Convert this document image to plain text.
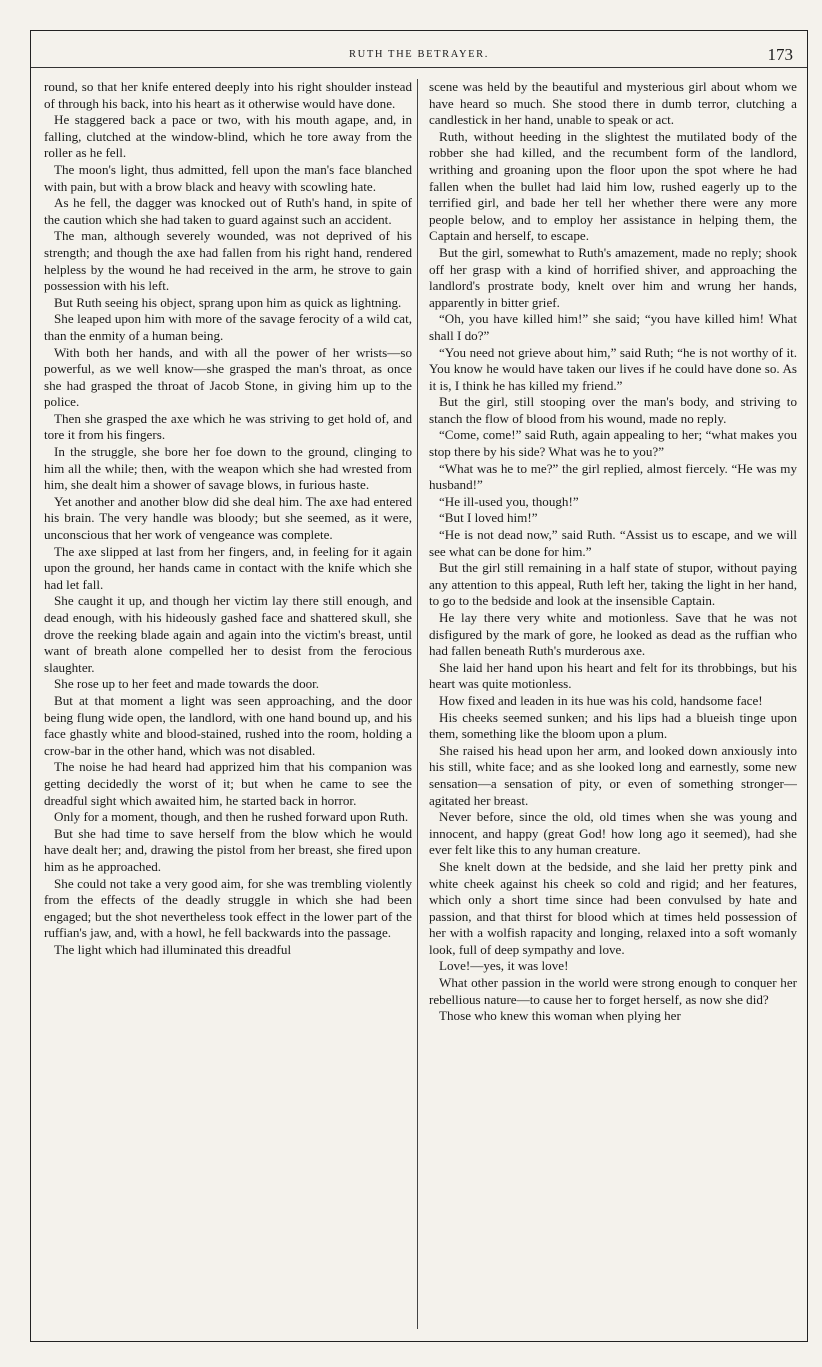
RUTH THE BETRAYER.	173

round, so that her knife entered deeply into his right shoulder instead of through his back, into his heart as it otherwise would have done.

He staggered back a pace or two, with his mouth agape, and, in falling, clutched at the window-blind, which he tore away from the roller as he fell.

The moon's light, thus admitted, fell upon the man's face blanched with pain, but with a brow black and heavy with scowling hate.

As he fell, the dagger was knocked out of Ruth's hand, in spite of the caution which she had taken to guard against such an accident.

The man, although severely wounded, was not deprived of his strength; and though the axe had fallen from his right hand, rendered helpless by the wound he had received in the arm, he strove to gain possession with his left.

But Ruth seeing his object, sprang upon him as quick as lightning.

She leaped upon him with more of the savage ferocity of a wild cat, than the enmity of a human being.

With both her hands, and with all the power of her wrists—so powerful, as we well know—she grasped the man's throat, as once she had grasped the throat of Jacob Stone, in giving him up to the police.

Then she grasped the axe which he was striving to get hold of, and tore it from his fingers.

In the struggle, she bore her foe down to the ground, clinging to him all the while; then, with the weapon which she had wrested from him, she dealt him a shower of savage blows, in furious haste.

Yet another and another blow did she deal him. The axe had entered his brain. The very handle was bloody; but she seemed, as it were, unconscious that her work of vengeance was complete.

The axe slipped at last from her fingers, and, in feeling for it again upon the ground, her hands came in contact with the knife which she had let fall.

She caught it up, and though her victim lay there still enough, and dead enough, with his hideously gashed face and shattered skull, she drove the reeking blade again and again into the victim's breast, until want of breath alone compelled her to desist from the ferocious slaughter.

She rose up to her feet and made towards the door.

But at that moment a light was seen approaching, and the door being flung wide open, the landlord, with one hand bound up, and his face ghastly white and blood-stained, rushed into the room, holding a crow-bar in the other hand, which was not disabled.

The noise he had heard had apprized him that his companion was getting decidedly the worst of it; but when he came to see the dreadful sight which awaited him, he started back in horror.

Only for a moment, though, and then he rushed forward upon Ruth.

But she had time to save herself from the blow which he would have dealt her; and, drawing the pistol from her breast, she fired upon him as he approached.

She could not take a very good aim, for she was trembling violently from the effects of the deadly struggle in which she had been engaged; but the shot nevertheless took effect in the lower part of the ruffian's jaw, and, with a howl, he fell backwards into the passage.

The light which had illuminated this dreadful

scene was held by the beautiful and mysterious girl about whom we have heard so much. She stood there in dumb terror, clutching a candlestick in her hand, unable to speak or act.

Ruth, without heeding in the slightest the mutilated body of the robber she had killed, and the recumbent form of the landlord, writhing and groaning upon the floor upon the spot where he had fallen when the bullet had laid him low, rushed eagerly up to the terrified girl, and bade her tell her whether there were any more people below, and to employ her assistance in helping them, the Captain and herself, to escape.

But the girl, somewhat to Ruth's amazement, made no reply; shook off her grasp with a kind of horrified shiver, and approaching the landlord's prostrate body, knelt over him and wrung her hands, apparently in bitter grief.

“Oh, you have killed him!” she said; “you have killed him! What shall I do?”

“You need not grieve about him,” said Ruth; “he is not worthy of it. You know he would have taken our lives if he could have done so. As it is, I think he has killed my friend.”

But the girl, still stooping over the man's body, and striving to stanch the flow of blood from his wound, made no reply.

“Come, come!” said Ruth, again appealing to her; “what makes you stop there by his side? What was he to you?”

“What was he to me?” the girl replied, almost fiercely. “He was my husband!”

“He ill-used you, though!”

“But I loved him!”

“He is not dead now,” said Ruth. “Assist us to escape, and we will see what can be done for him.”

But the girl still remaining in a half state of stupor, without paying any attention to this appeal, Ruth left her, taking the light in her hand, to go to the bedside and look at the insensible Captain.

He lay there very white and motionless. Save that he was not disfigured by the mark of gore, he looked as dead as the ruffian who had fallen beneath Ruth's murderous axe.

She laid her hand upon his heart and felt for its throbbings, but his heart was quite motionless.

How fixed and leaden in its hue was his cold, handsome face!

His cheeks seemed sunken; and his lips had a blueish tinge upon them, something like the bloom upon a plum.

She raised his head upon her arm, and looked down anxiously into his still, white face; and as she looked long and earnestly, some new sensation—a sensation of pity, or even of something stronger—agitated her breast.

Never before, since the old, old times when she was young and innocent, and happy (great God! how long ago it seemed), had she ever felt like this to any human creature.

She knelt down at the bedside, and she laid her pretty pink and white cheek against his cheek so cold and rigid; and her features, which only a short time since had been convulsed by hate and passion, and that thirst for blood which at times held possession of her with a wolfish rapacity and longing, relaxed into a soft womanly look, full of deep sympathy and love.

Love!—yes, it was love!

What other passion in the world were strong enough to conquer her rebellious nature—to cause her to forget herself, as now she did?

Those who knew this woman when plying her
